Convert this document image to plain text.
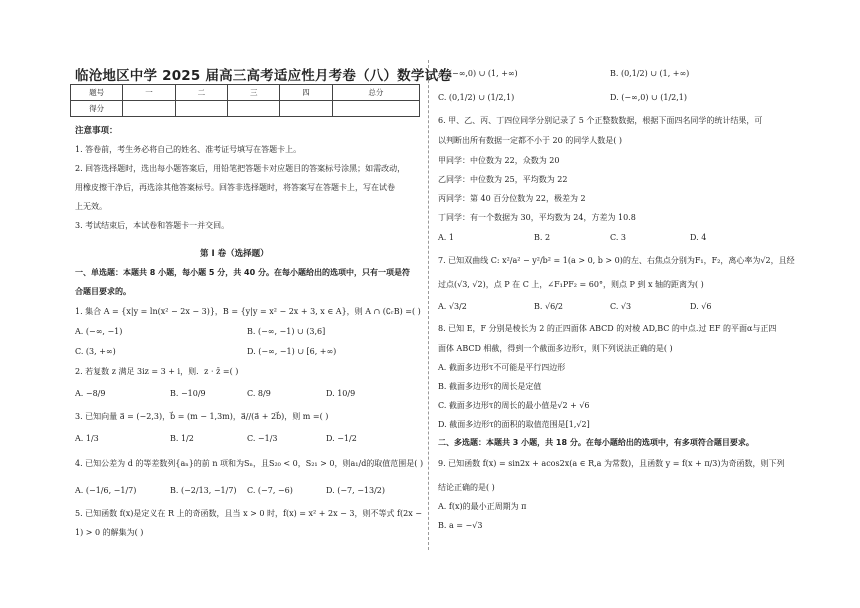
临沧地区中学 2025 届高三高考适应性月考卷（八）数学试卷
题号	一	二	三	四	总分
得分					
注意事项：
1. 答卷前，考生务必将自己的姓名、准考证号填写在答题卡上。
2. 回答选择题时，选出每小题答案后，用铅笔把答题卡对应题目的答案标号涂黑；如需改动，
用橡皮擦干净后，再选涂其他答案标号。回答非选择题时，将答案写在答题卡上，写在试卷
上无效。
3. 考试结束后，本试卷和答题卡一并交回。
第 I 卷（选择题）
一、单选题：本题共 8 小题，每小题 5 分，共 40 分。在每小题给出的选项中，只有一项是符
合题目要求的。
1. 集合 A = {x|y = ln(x² − 2x − 3)}，B = {y|y = x² − 2x + 3, x ∈ A}，则 A ∩ (∁ᵣB) =( )
A. (−∞, −1)	B. (−∞, −1) ∪ (3,6]
C. (3, +∞)	D. (−∞, −1) ∪ [6, +∞)
2. 若复数 z 满足 3iz = 3 + i，则．z ⋅ z̄ =( )
A. −8/9	B. −10/9	C. 8/9	D. 10/9
3. 已知向量 a⃗ = (−2,3)，b⃗ = (m − 1,3m)，a⃗//(a⃗ + 2b⃗)，则 m =( )
A. 1/3	B. 1/2	C. −1/3	D. −1/2
4. 已知公差为 d 的等差数列{aₙ}的前 n 项和为Sₙ，且S₂₀ < 0，S₂₁ > 0，则a₁/d的取值范围是( )
A. (−1/6, −1/7)	B. (−2/13, −1/7) C. (−7, −6)	D. (−7, −13/2)
5. 已知函数 f(x)是定义在 R 上的奇函数，且当 x > 0 时，f(x) = x² + 2x − 3，则不等式 f(2x −
1) > 0 的解集为( )
A. (−∞,0) ∪ (1, +∞)	B. (0,1/2) ∪ (1, +∞)
C. (0,1/2) ∪ (1/2,1)	D. (−∞,0) ∪ (1/2,1)
6. 甲、乙、丙、丁四位同学分别记录了 5 个正整数数据，根据下面四名同学的统计结果，可
以判断出所有数据一定都不小于 20 的同学人数是( )
甲同学：中位数为 22，众数为 20
乙同学：中位数为 25，平均数为 22
丙同学：第 40 百分位数为 22，极差为 2
丁同学：有一个数据为 30，平均数为 24，方差为 10.8
A. 1	B. 2	C. 3	D. 4
7. 已知双曲线 C: x²/a² − y²/b² = 1(a > 0, b > 0)的左、右焦点分别为F₁，F₂，离心率为√2，且经
过点(√3, √2)，点 P 在 C 上，∠F₁PF₂ = 60°，则点 P 到 x 轴的距离为( )
A. √3/2	B. √6/2	C. √3	D. √6
8. 已知 E，F 分别是棱长为 2 的正四面体 ABCD 的对棱 AD,BC 的中点.过 EF 的平面α与正四
面体 ABCD 相截，得到一个截面多边形τ，则下列说法正确的是( )
A. 截面多边形τ不可能是平行四边形
B. 截面多边形τ的周长是定值
C. 截面多边形τ的周长的最小值是√2 + √6
D. 截面多边形τ的面积的取值范围是[1,√2]
二、多选题：本题共 3 小题，共 18 分。在每小题给出的选项中，有多项符合题目要求。
9. 已知函数 f(x) = sin2x + acos2x(a ∈ R,a 为常数)，且函数 y = f(x + π/3)为奇函数，则下列
结论正确的是( )
A. f(x)的最小正周期为 π
B. a = −√3
